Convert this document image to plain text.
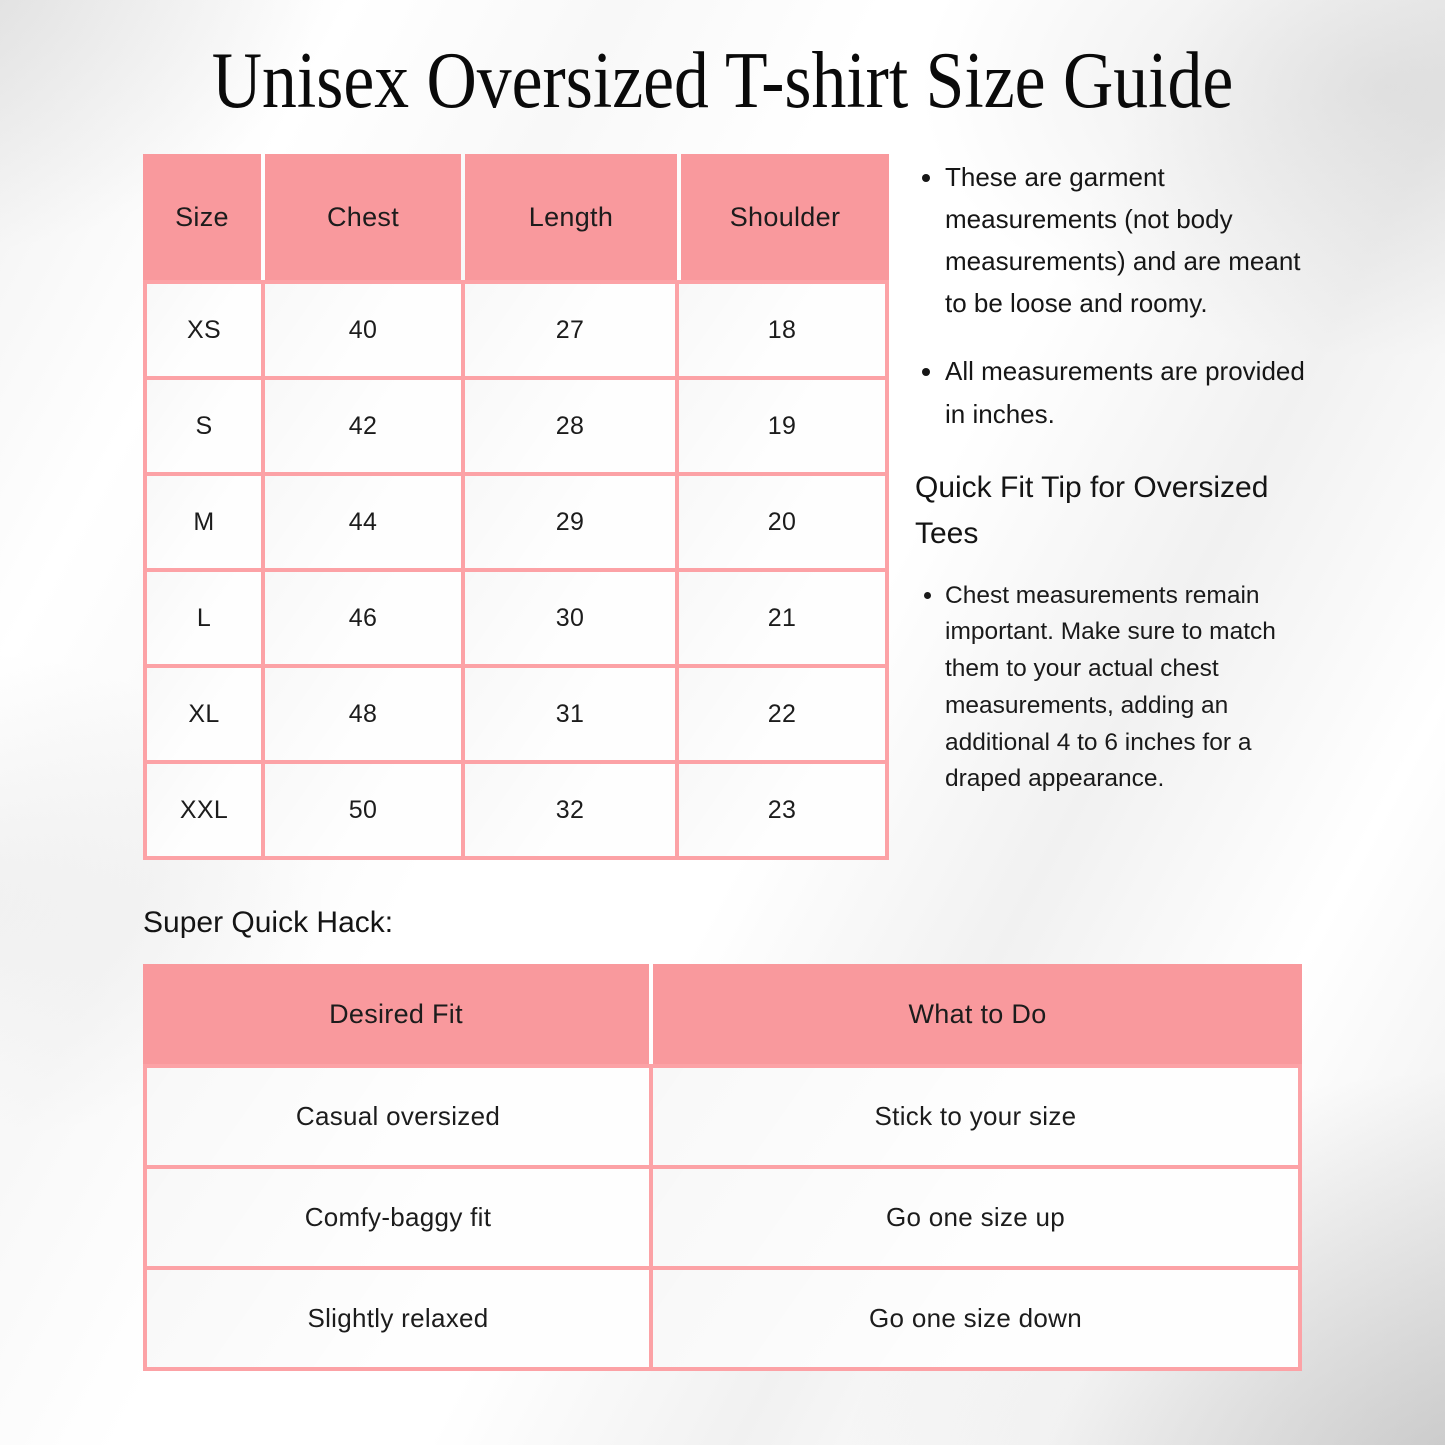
Unisex Oversized T-shirt Size Guide
Size	Chest	Length	Shoulder
XS	40	27	18
S	42	28	19
M	44	29	20
L	46	30	21
XL	48	31	22
XXL	50	32	23
• These are garment measurements (not body measurements) and are meant to be loose and roomy.
• All measurements are provided in inches.
Quick Fit Tip for Oversized Tees
• Chest measurements remain important. Make sure to match them to your actual chest measurements, adding an additional 4 to 6 inches for a draped appearance.
Super Quick Hack:
Desired Fit	What to Do
Casual oversized	Stick to your size
Comfy-baggy fit	Go one size up
Slightly relaxed	Go one size down
